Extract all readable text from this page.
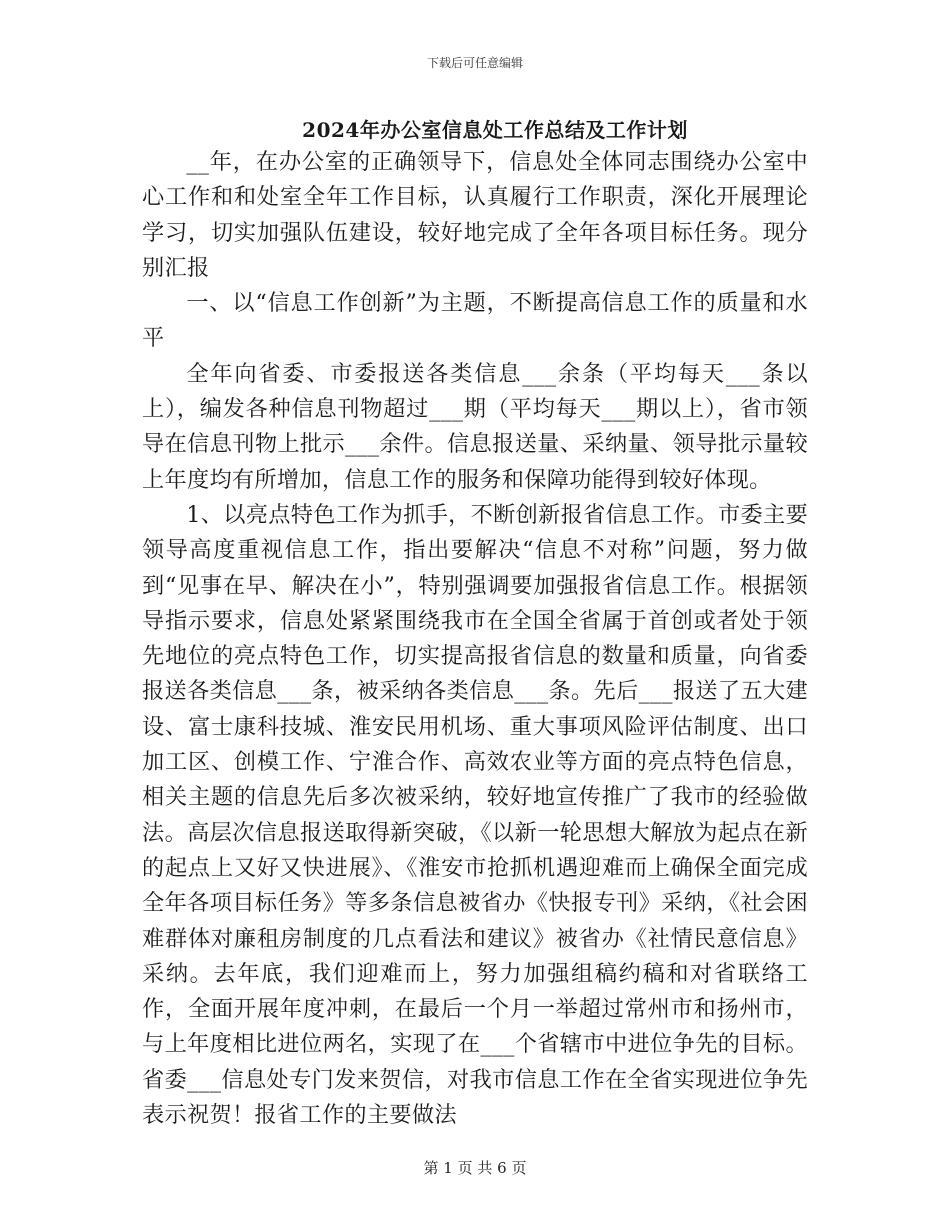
下载后可任意编辑
2024年办公室信息处工作总结及工作计划

__年，在办公室的正确领导下，信息处全体同志围绕办公室中心工作和和处室全年工作目标，认真履行工作职责，深化开展理论学习，切实加强队伍建设，较好地完成了全年各项目标任务。现分别汇报

一、以“信息工作创新”为主题，不断提高信息工作的质量和水平

全年向省委、市委报送各类信息___余条（平均每天___条以上），编发各种信息刊物超过___期（平均每天___期以上），省市领导在信息刊物上批示___余件。信息报送量、采纳量、领导批示量较上年度均有所增加，信息工作的服务和保障功能得到较好体现。

1、以亮点特色工作为抓手，不断创新报省信息工作。市委主要领导高度重视信息工作，指出要解决“信息不对称”问题，努力做到“见事在早、解决在小”，特别强调要加强报省信息工作。根据领导指示要求，信息处紧紧围绕我市在全国全省属于首创或者处于领先地位的亮点特色工作，切实提高报省信息的数量和质量，向省委报送各类信息___条，被采纳各类信息___条。先后___报送了五大建设、富士康科技城、淮安民用机场、重大事项风险评估制度、出口加工区、创模工作、宁淮合作、高效农业等方面的亮点特色信息，相关主题的信息先后多次被采纳，较好地宣传推广了我市的经验做法。高层次信息报送取得新突破，《以新一轮思想大解放为起点在新的起点上又好又快进展》、《淮安市抢抓机遇迎难而上确保全面完成全年各项目标任务》等多条信息被省办《快报专刊》采纳，《社会困难群体对廉租房制度的几点看法和建议》被省办《社情民意信息》采纳。去年底，我们迎难而上，努力加强组稿约稿和对省联络工作，全面开展年度冲刺，在最后一个月一举超过常州市和扬州市，与上年度相比进位两名，实现了在___个省辖市中进位争先的目标。省委___信息处专门发来贺信，对我市信息工作在全省实现进位争先表示祝贺！报省工作的主要做法

第 1 页 共 6 页
